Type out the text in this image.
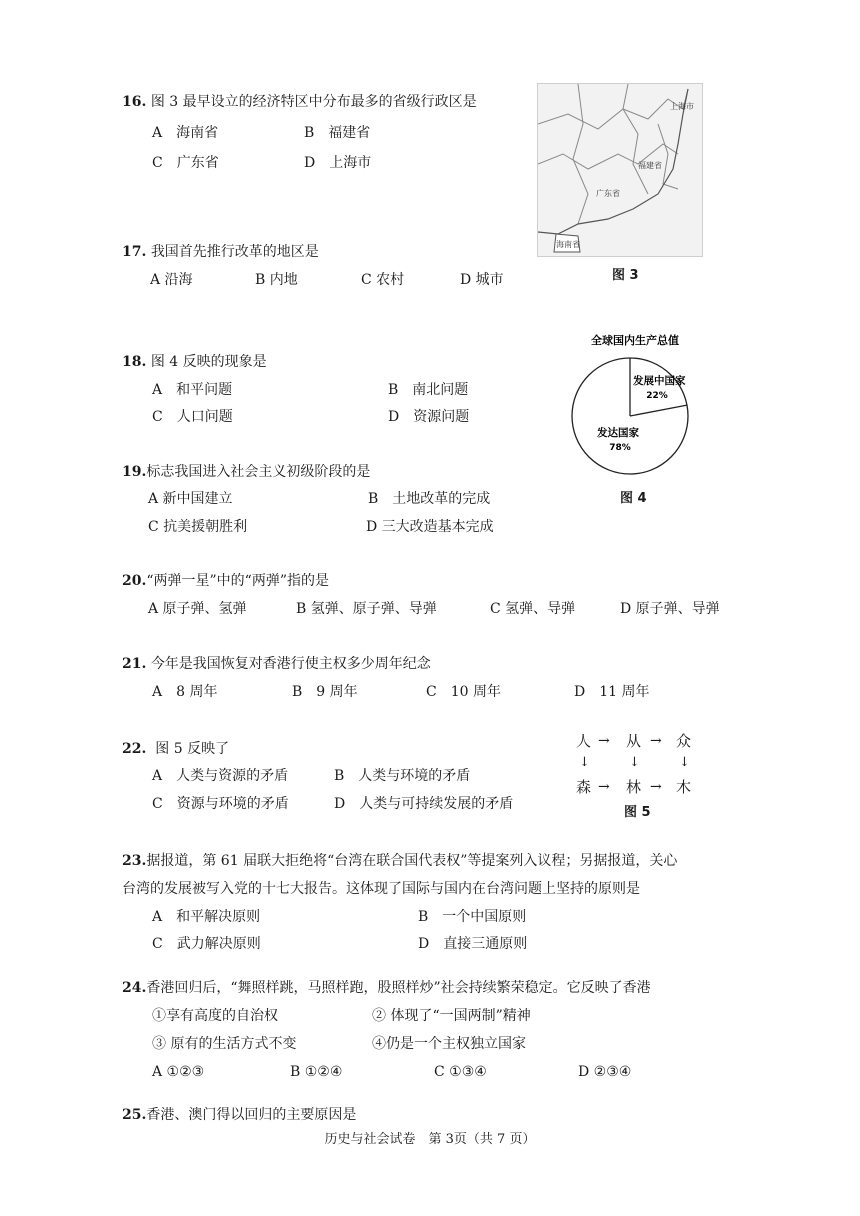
16. 图 3 最早设立的经济特区中分布最多的省级行政区是
A　海南省	B　福建省
C　广东省	D　上海市
上海市
福建省
广东省
海南省
图 3
17. 我国首先推行改革的地区是
A 沿海	B 内地	C 农村	D 城市
全球国内生产总值
发展中国家
22%
发达国家
78%
图 4
18. 图 4 反映的现象是
A　和平问题	B　南北问题
C　人口问题	D　资源问题
19.标志我国进入社会主义初级阶段的是
A 新中国建立	B　土地改革的完成
C 抗美援朝胜利	D 三大改造基本完成
20.“两弹一星”中的“两弹”指的是
A 原子弹、氢弹	B 氢弹、原子弹、导弹	C 氢弹、导弹	D 原子弹、导弹
21. 今年是我国恢复对香港行使主权多少周年纪念
A　8 周年	B　9 周年	C　10 周年	D　11 周年
22. 图 5 反映了
A　人类与资源的矛盾	B　人类与环境的矛盾
C　资源与环境的矛盾	D　人类与可持续发展的矛盾
人 → 从 → 众
↓	↓	↓
森 → 林 → 木
图 5
23.据报道，第 61 届联大拒绝将“台湾在联合国代表权”等提案列入议程；另据报道，关心
台湾的发展被写入党的十七大报告。这体现了国际与国内在台湾问题上坚持的原则是
A　和平解决原则	B　一个中国原则
C　武力解决原则	D　直接三通原则
24.香港回归后，“舞照样跳，马照样跑，股照样炒”社会持续繁荣稳定。它反映了香港
①享有高度的自治权	② 体现了“一国两制”精神
③ 原有的生活方式不变	④仍是一个主权独立国家
A ①②③	B ①②④	C ①③④	D ②③④
25.香港、澳门得以回归的主要原因是
历史与社会试卷　第 3页（共 7 页）
